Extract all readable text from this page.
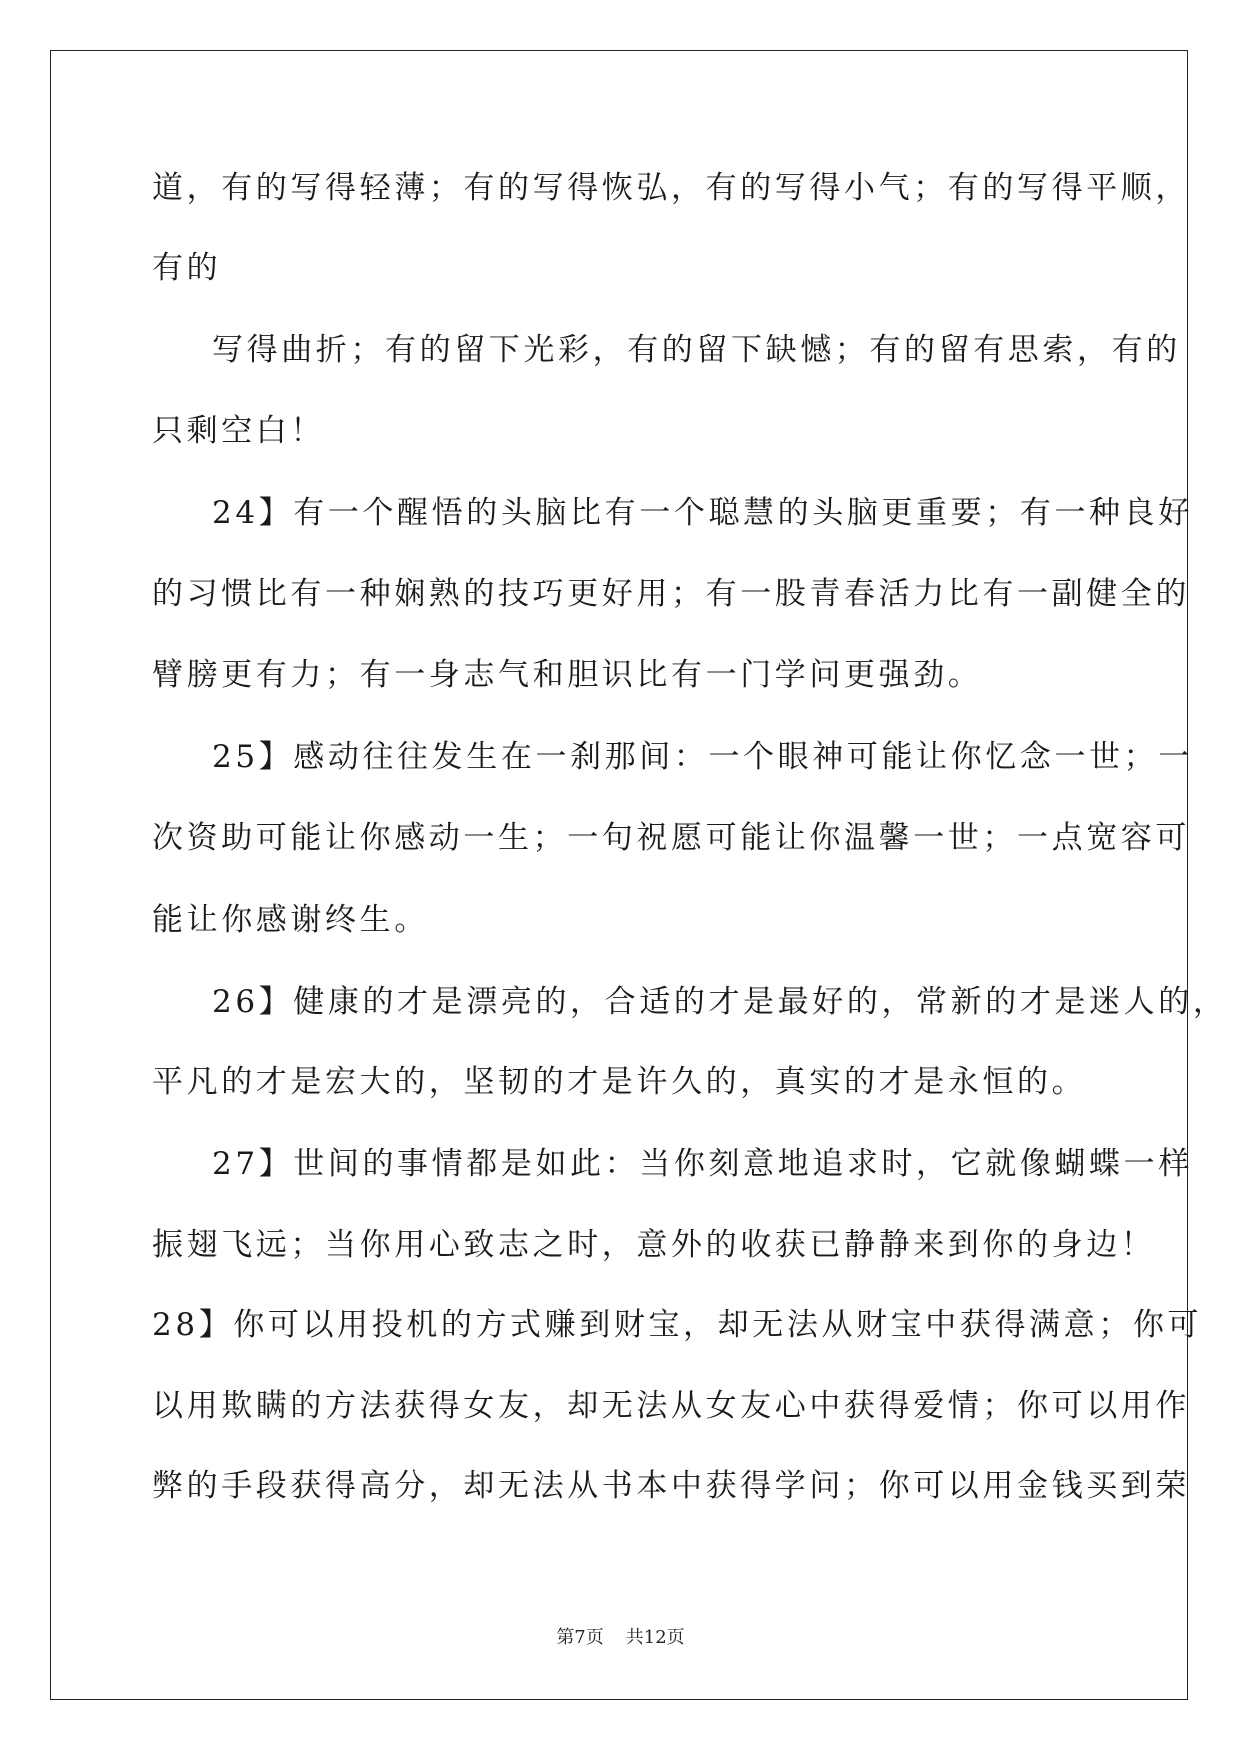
道，有的写得轻薄；有的写得恢弘，有的写得小气；有的写得平顺，
有的
写得曲折；有的留下光彩，有的留下缺憾；有的留有思索，有的
只剩空白！
24】有一个醒悟的头脑比有一个聪慧的头脑更重要；有一种良好
的习惯比有一种娴熟的技巧更好用；有一股青春活力比有一副健全的
臂膀更有力；有一身志气和胆识比有一门学问更强劲。
25】感动往往发生在一刹那间：一个眼神可能让你忆念一世；一
次资助可能让你感动一生；一句祝愿可能让你温馨一世；一点宽容可
能让你感谢终生。
26】健康的才是漂亮的，合适的才是最好的，常新的才是迷人的，
平凡的才是宏大的，坚韧的才是许久的，真实的才是永恒的。
27】世间的事情都是如此：当你刻意地追求时，它就像蝴蝶一样
振翅飞远；当你用心致志之时，意外的收获已静静来到你的身边！
28】你可以用投机的方式赚到财宝，却无法从财宝中获得满意；你可
以用欺瞒的方法获得女友，却无法从女友心中获得爱情；你可以用作
弊的手段获得高分，却无法从书本中获得学问；你可以用金钱买到荣
第7页 共12页
